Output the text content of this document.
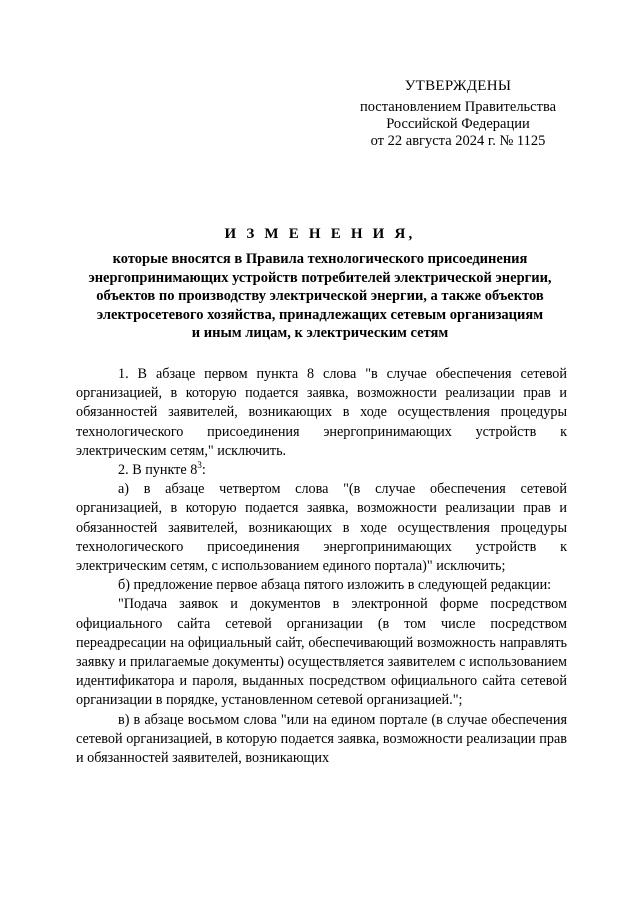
УТВЕРЖДЕНЫ
постановлением Правительства
Российской Федерации
от 22 августа 2024 г. № 1125
И З М Е Н Е Н И Я,
которые вносятся в Правила технологического присоединения
энергопринимающих устройств потребителей электрической энергии,
объектов по производству электрической энергии, а также объектов
электросетевого хозяйства, принадлежащих сетевым организациям
и иным лицам, к электрическим сетям

1. В абзаце первом пункта 8 слова "в случае обеспечения сетевой организацией, в которую подается заявка, возможности реализации прав и обязанностей заявителей, возникающих в ходе осуществления процедуры технологического присоединения энергопринимающих устройств к электрическим сетям," исключить.

2. В пункте $8^3$:

а) в абзаце четвертом слова "(в случае обеспечения сетевой организацией, в которую подается заявка, возможности реализации прав и обязанностей заявителей, возникающих в ходе осуществления процедуры технологического присоединения энергопринимающих устройств к электрическим сетям, с использованием единого портала)" исключить;

б) предложение первое абзаца пятого изложить в следующей редакции:

"Подача заявок и документов в электронной форме посредством официального сайта сетевой организации (в том числе посредством переадресации на официальный сайт, обеспечивающий возможность направлять заявку и прилагаемые документы) осуществляется заявителем с использованием идентификатора и пароля, выданных посредством официального сайта сетевой организации в порядке, установленном сетевой организацией.";

в) в абзаце восьмом слова "или на едином портале (в случае обеспечения сетевой организацией, в которую подается заявка, возможности реализации прав и обязанностей заявителей, возникающих
